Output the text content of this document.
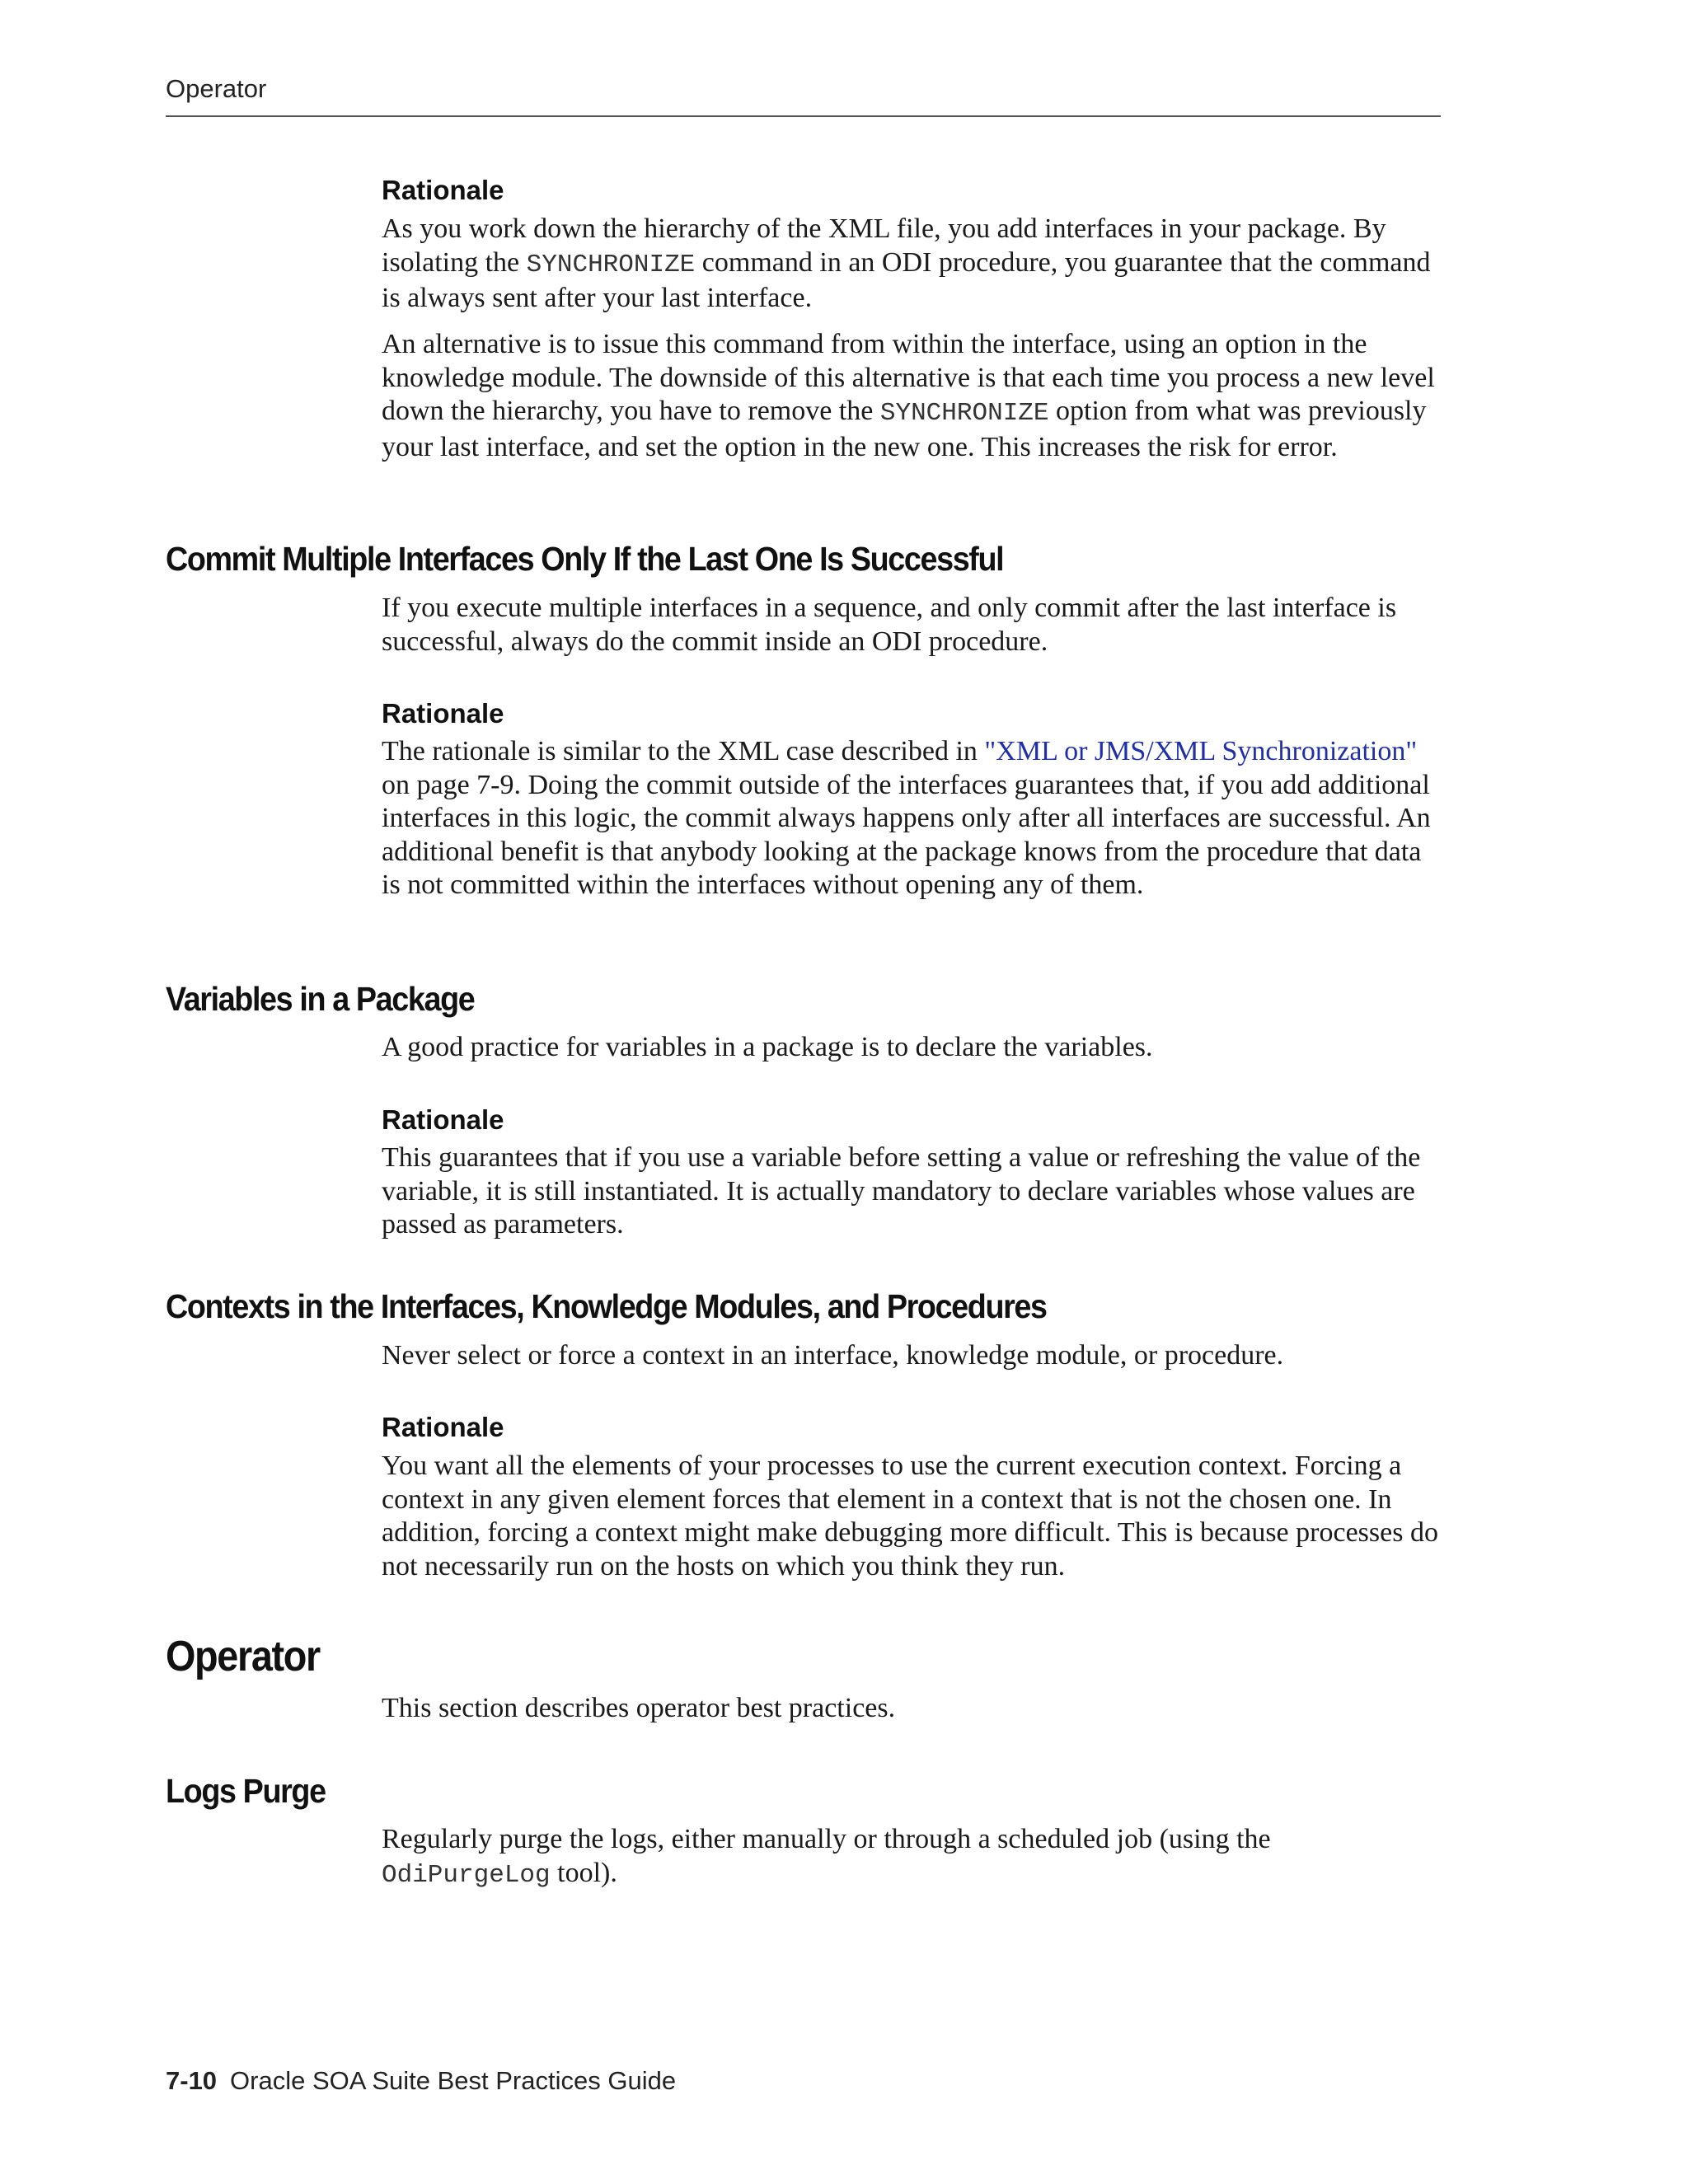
Operator
Rationale

As you work down the hierarchy of the XML file, you add interfaces in your package. By isolating the SYNCHRONIZE command in an ODI procedure, you guarantee that the command is always sent after your last interface.

An alternative is to issue this command from within the interface, using an option in the knowledge module. The downside of this alternative is that each time you process a new level down the hierarchy, you have to remove the SYNCHRONIZE option from what was previously your last interface, and set the option in the new one. This increases the risk for error.

Commit Multiple Interfaces Only If the Last One Is Successful

If you execute multiple interfaces in a sequence, and only commit after the last interface is successful, always do the commit inside an ODI procedure.

Rationale

The rationale is similar to the XML case described in "XML or JMS/XML Synchronization" on page 7-9. Doing the commit outside of the interfaces guarantees that, if you add additional interfaces in this logic, the commit always happens only after all interfaces are successful. An additional benefit is that anybody looking at the package knows from the procedure that data is not committed within the interfaces without opening any of them.

Variables in a Package

A good practice for variables in a package is to declare the variables.

Rationale

This guarantees that if you use a variable before setting a value or refreshing the value of the variable, it is still instantiated. It is actually mandatory to declare variables whose values are passed as parameters.

Contexts in the Interfaces, Knowledge Modules, and Procedures

Never select or force a context in an interface, knowledge module, or procedure.

Rationale

You want all the elements of your processes to use the current execution context. Forcing a context in any given element forces that element in a context that is not the chosen one. In addition, forcing a context might make debugging more difficult. This is because processes do not necessarily run on the hosts on which you think they run.

Operator

This section describes operator best practices.

Logs Purge

Regularly purge the logs, either manually or through a scheduled job (using the OdiPurgeLog tool).

7-10 Oracle SOA Suite Best Practices Guide
